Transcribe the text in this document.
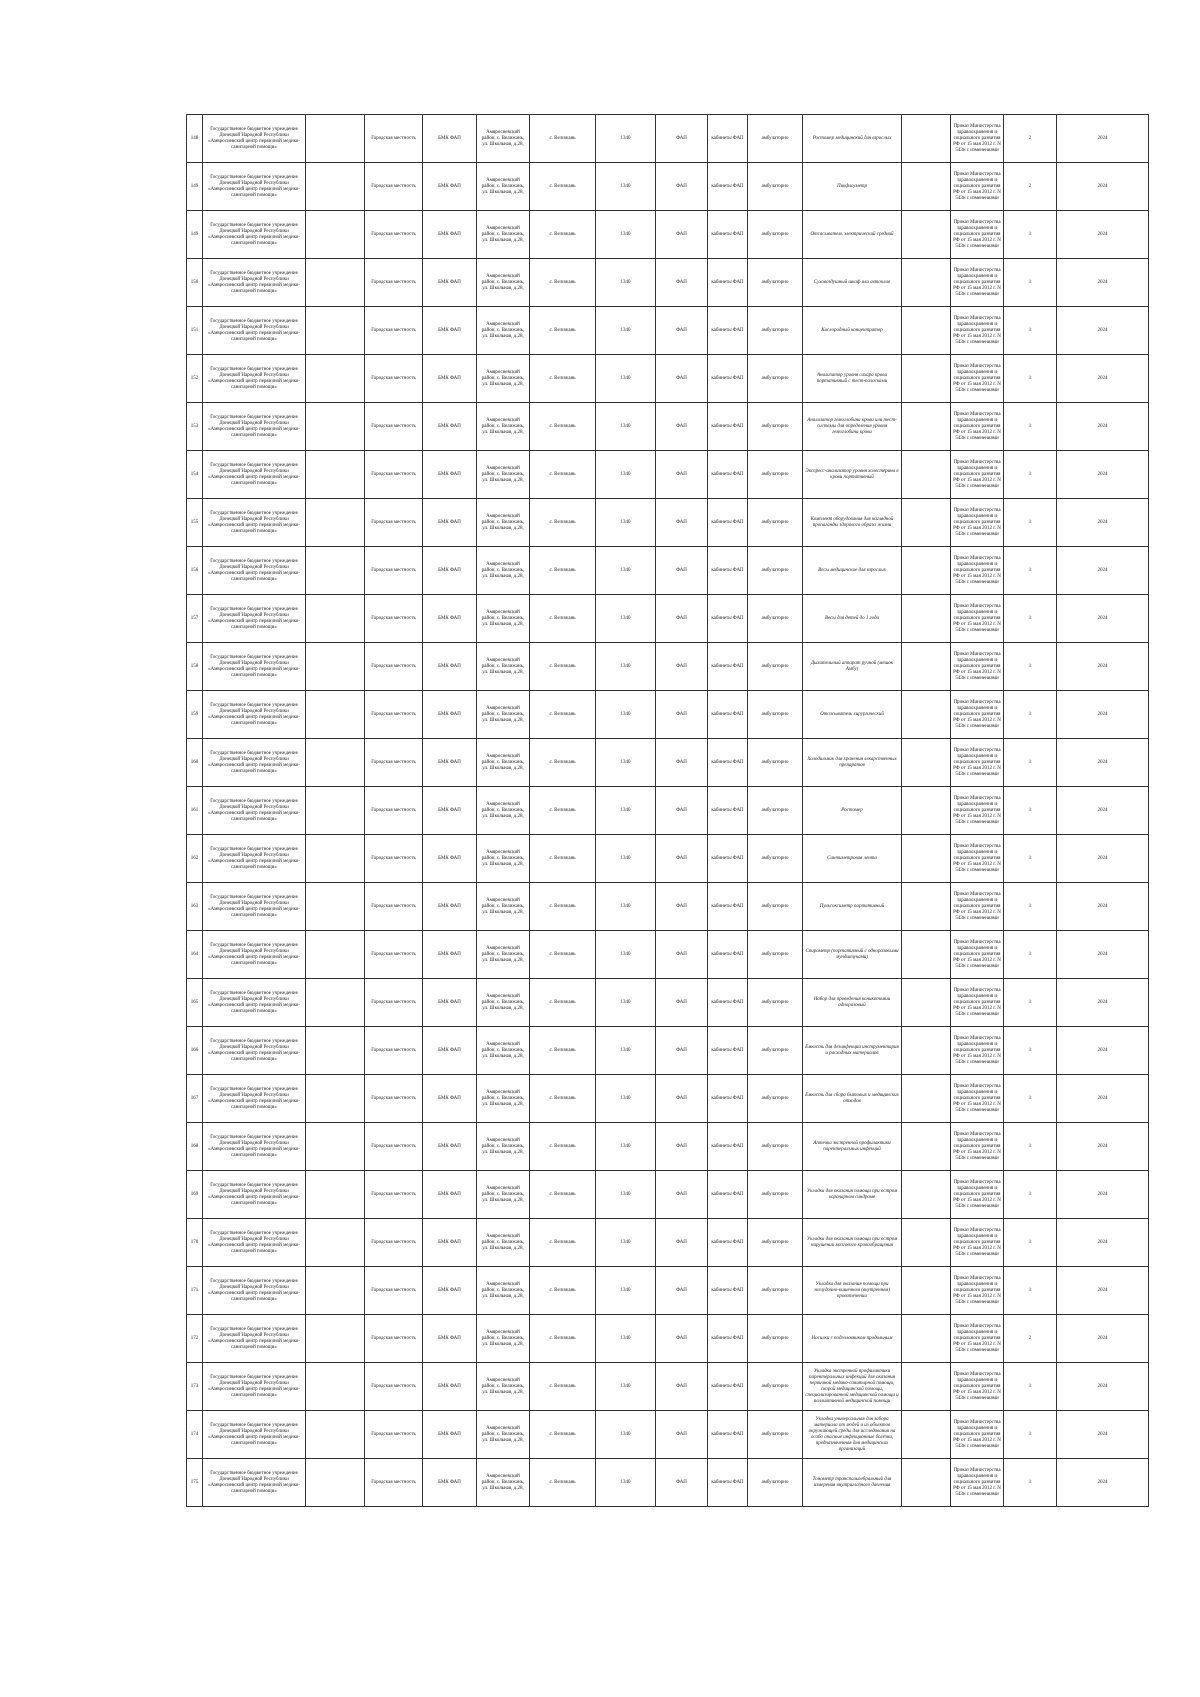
148	Государственное бюджетное учреждение Донецкой Народной Республики «Амвросиевский центр первичной медико-санитарной помощи»		Городская местность	БМК ФАП	Амвросиевский район, с. Велижань, ул. Школьная, д.28,	с. Велижань	1340	ФАП	кабинеты ФАП	амбулаторно	Ростомер медицинский для взрослых		Приказ Министерства здравоохранения и социального развития РФ от 15 мая 2012 г. N 543н с изменениями	2	2024
149	Государственное бюджетное учреждение Донецкой Народной Республики «Амвросиевский центр первичной медико-санитарной помощи»		Городская местность	БМК ФАП	Амвросиевский район, с. Велижань, ул. Школьная, д.28,	с. Велижань	1340	ФАП	кабинеты ФАП	амбулаторно	Пикфлоуметр		Приказ Министерства здравоохранения и социального развития РФ от 15 мая 2012 г. N 543н с изменениями	2	2024
149	Государственное бюджетное учреждение Донецкой Народной Республики «Амвросиевский центр первичной медико-санитарной помощи»		Городская местность	БМК ФАП	Амвросиевский район, с. Велижань, ул. Школьная, д.28,	с. Велижань	1340	ФАП	кабинеты ФАП	амбулаторно	Отсасыватель электрический средний		Приказ Министерства здравоохранения и социального развития РФ от 15 мая 2012 г. N 543н с изменениями	1	2024
150	Государственное бюджетное учреждение Донецкой Народной Республики «Амвросиевский центр первичной медико-санитарной помощи»		Городская местность	БМК ФАП	Амвросиевский район, с. Велижань, ул. Школьная, д.28,	с. Велижань	1340	ФАП	кабинеты ФАП	амбулаторно	Суховоздушный шкаф или автоклав		Приказ Министерства здравоохранения и социального развития РФ от 15 мая 2012 г. N 543н с изменениями	1	2024
151	Государственное бюджетное учреждение Донецкой Народной Республики «Амвросиевский центр первичной медико-санитарной помощи»		Городская местность	БМК ФАП	Амвросиевский район, с. Велижань, ул. Школьная, д.28,	с. Велижань	1340	ФАП	кабинеты ФАП	амбулаторно	Кислородный концентратор		Приказ Министерства здравоохранения и социального развития РФ от 15 мая 2012 г. N 543н с изменениями	1	2024
152	Государственное бюджетное учреждение Донецкой Народной Республики «Амвросиевский центр первичной медико-санитарной помощи»		Городская местность	БМК ФАП	Амвросиевский район, с. Велижань, ул. Школьная, д.28,	с. Велижань	1340	ФАП	кабинеты ФАП	амбулаторно	Анализатор уровня сахара крови портативный с тест-полосками		Приказ Министерства здравоохранения и социального развития РФ от 15 мая 2012 г. N 543н с изменениями	1	2024
153	Государственное бюджетное учреждение Донецкой Народной Республики «Амвросиевский центр первичной медико-санитарной помощи»		Городская местность	БМК ФАП	Амвросиевский район, с. Велижань, ул. Школьная, д.28,	с. Велижань	1340	ФАП	кабинеты ФАП	амбулаторно	Анализатор гемоглобина крови или тест-системы для определения уровня гемоглобина крови		Приказ Министерства здравоохранения и социального развития РФ от 15 мая 2012 г. N 543н с изменениями	1	2024
154	Государственное бюджетное учреждение Донецкой Народной Республики «Амвросиевский центр первичной медико-санитарной помощи»		Городская местность	БМК ФАП	Амвросиевский район, с. Велижань, ул. Школьная, д.28,	с. Велижань	1340	ФАП	кабинеты ФАП	амбулаторно	Экспресс-анализатор уровня холестерина в крови портативный		Приказ Министерства здравоохранения и социального развития РФ от 15 мая 2012 г. N 543н с изменениями	1	2024
155	Государственное бюджетное учреждение Донецкой Народной Республики «Амвросиевский центр первичной медико-санитарной помощи»		Городская местность	БМК ФАП	Амвросиевский район, с. Велижань, ул. Школьная, д.28,	с. Велижань	1340	ФАП	кабинеты ФАП	амбулаторно	Комплект оборудования для наглядной пропаганды здорового образа жизни		Приказ Министерства здравоохранения и социального развития РФ от 15 мая 2012 г. N 543н с изменениями	1	2024
156	Государственное бюджетное учреждение Донецкой Народной Республики «Амвросиевский центр первичной медико-санитарной помощи»		Городская местность	БМК ФАП	Амвросиевский район, с. Велижань, ул. Школьная, д.28,	с. Велижань	1340	ФАП	кабинеты ФАП	амбулаторно	Весы медицинские для взрослых		Приказ Министерства здравоохранения и социального развития РФ от 15 мая 2012 г. N 543н с изменениями	1	2024
157	Государственное бюджетное учреждение Донецкой Народной Республики «Амвросиевский центр первичной медико-санитарной помощи»		Городская местность	БМК ФАП	Амвросиевский район, с. Велижань, ул. Школьная, д.28,	с. Велижань	1340	ФАП	кабинеты ФАП	амбулаторно	Весы для детей до 1 года		Приказ Министерства здравоохранения и социального развития РФ от 15 мая 2012 г. N 543н с изменениями	1	2024
158	Государственное бюджетное учреждение Донецкой Народной Республики «Амвросиевский центр первичной медико-санитарной помощи»		Городская местность	БМК ФАП	Амвросиевский район, с. Велижань, ул. Школьная, д.28,	с. Велижань	1340	ФАП	кабинеты ФАП	амбулаторно	Дыхательный аппарат ручной (мешок Амбу)		Приказ Министерства здравоохранения и социального развития РФ от 15 мая 2012 г. N 543н с изменениями	1	2024
159	Государственное бюджетное учреждение Донецкой Народной Республики «Амвросиевский центр первичной медико-санитарной помощи»		Городская местность	БМК ФАП	Амвросиевский район, с. Велижань, ул. Школьная, д.28,	с. Велижань	1340	ФАП	кабинеты ФАП	амбулаторно	Отсасыватель хирургический		Приказ Министерства здравоохранения и социального развития РФ от 15 мая 2012 г. N 543н с изменениями	1	2024
160	Государственное бюджетное учреждение Донецкой Народной Республики «Амвросиевский центр первичной медико-санитарной помощи»		Городская местность	БМК ФАП	Амвросиевский район, с. Велижань, ул. Школьная, д.28,	с. Велижань	1340	ФАП	кабинеты ФАП	амбулаторно	Холодильник для хранения лекарственных препаратов		Приказ Министерства здравоохранения и социального развития РФ от 15 мая 2012 г. N 543н с изменениями	1	2024
161	Государственное бюджетное учреждение Донецкой Народной Республики «Амвросиевский центр первичной медико-санитарной помощи»		Городская местность	БМК ФАП	Амвросиевский район, с. Велижань, ул. Школьная, д.28,	с. Велижань	1340	ФАП	кабинеты ФАП	амбулаторно	Ростомер		Приказ Министерства здравоохранения и социального развития РФ от 15 мая 2012 г. N 543н с изменениями	1	2024
162	Государственное бюджетное учреждение Донецкой Народной Республики «Амвросиевский центр первичной медико-санитарной помощи»		Городская местность	БМК ФАП	Амвросиевский район, с. Велижань, ул. Школьная, д.28,	с. Велижань	1340	ФАП	кабинеты ФАП	амбулаторно	Сантиметровая лента		Приказ Министерства здравоохранения и социального развития РФ от 15 мая 2012 г. N 543н с изменениями	1	2024
163	Государственное бюджетное учреждение Донецкой Народной Республики «Амвросиевский центр первичной медико-санитарной помощи»		Городская местность	БМК ФАП	Амвросиевский район, с. Велижань, ул. Школьная, д.28,	с. Велижань	1340	ФАП	кабинеты ФАП	амбулаторно	Пульсоксиметр портативный		Приказ Министерства здравоохранения и социального развития РФ от 15 мая 2012 г. N 543н с изменениями	1	2024
164	Государственное бюджетное учреждение Донецкой Народной Республики «Амвросиевский центр первичной медико-санитарной помощи»		Городская местность	БМК ФАП	Амвросиевский район, с. Велижань, ул. Школьная, д.28,	с. Велижань	1340	ФАП	кабинеты ФАП	амбулаторно	Спирометр (портативный с одноразовыми мундштуками)		Приказ Министерства здравоохранения и социального развития РФ от 15 мая 2012 г. N 543н с изменениями	1	2024
165	Государственное бюджетное учреждение Донецкой Народной Республики «Амвросиевский центр первичной медико-санитарной помощи»		Городская местность	БМК ФАП	Амвросиевский район, с. Велижань, ул. Школьная, д.28,	с. Велижань	1340	ФАП	кабинеты ФАП	амбулаторно	Набор для проведения коникотомии одноразовый		Приказ Министерства здравоохранения и социального развития РФ от 15 мая 2012 г. N 543н с изменениями	1	2024
166	Государственное бюджетное учреждение Донецкой Народной Республики «Амвросиевский центр первичной медико-санитарной помощи»		Городская местность	БМК ФАП	Амвросиевский район, с. Велижань, ул. Школьная, д.28,	с. Велижань	1340	ФАП	кабинеты ФАП	амбулаторно	Емкость для дезинфекции инструментария и расходных материалов		Приказ Министерства здравоохранения и социального развития РФ от 15 мая 2012 г. N 543н с изменениями	1	2024
167	Государственное бюджетное учреждение Донецкой Народной Республики «Амвросиевский центр первичной медико-санитарной помощи»		Городская местность	БМК ФАП	Амвросиевский район, с. Велижань, ул. Школьная, д.28,	с. Велижань	1340	ФАП	кабинеты ФАП	амбулаторно	Емкость для сбора бытовых и медицинских отходов		Приказ Министерства здравоохранения и социального развития РФ от 15 мая 2012 г. N 543н с изменениями	1	2024
168	Государственное бюджетное учреждение Донецкой Народной Республики «Амвросиевский центр первичной медико-санитарной помощи»		Городская местность	БМК ФАП	Амвросиевский район, с. Велижань, ул. Школьная, д.28,	с. Велижань	1340	ФАП	кабинеты ФАП	амбулаторно	Аптечка экстренной профилактики парентеральных инфекций		Приказ Министерства здравоохранения и социального развития РФ от 15 мая 2012 г. N 543н с изменениями	1	2024
169	Государственное бюджетное учреждение Донецкой Народной Республики «Амвросиевский центр первичной медико-санитарной помощи»		Городская местность	БМК ФАП	Амвросиевский район, с. Велижань, ул. Школьная, д.28,	с. Велижань	1340	ФАП	кабинеты ФАП	амбулаторно	Укладка для оказания помощи при остром коронарном синдроме		Приказ Министерства здравоохранения и социального развития РФ от 15 мая 2012 г. N 543н с изменениями	1	2024
170	Государственное бюджетное учреждение Донецкой Народной Республики «Амвросиевский центр первичной медико-санитарной помощи»		Городская местность	БМК ФАП	Амвросиевский район, с. Велижань, ул. Школьная, д.28,	с. Велижань	1340	ФАП	кабинеты ФАП	амбулаторно	Укладка для оказания помощи при остром нарушении мозгового кровообращения		Приказ Министерства здравоохранения и социального развития РФ от 15 мая 2012 г. N 543н с изменениями	1	2024
171	Государственное бюджетное учреждение Донецкой Народной Республики «Амвросиевский центр первичной медико-санитарной помощи»		Городская местность	БМК ФАП	Амвросиевский район, с. Велижань, ул. Школьная, д.28,	с. Велижань	1340	ФАП	кабинеты ФАП	амбулаторно	Укладка для оказания помощи при желудочно-кишечном (внутреннем) кровотечении		Приказ Министерства здравоохранения и социального развития РФ от 15 мая 2012 г. N 543н с изменениями	1	2024
172	Государственное бюджетное учреждение Донецкой Народной Республики «Амвросиевский центр первичной медико-санитарной помощи»		Городская местность	БМК ФАП	Амвросиевский район, с. Велижань, ул. Школьная, д.28,	с. Велижань	1340	ФАП	кабинеты ФАП	амбулаторно	Носилки с подголовником продольным		Приказ Министерства здравоохранения и социального развития РФ от 15 мая 2012 г. N 543н с изменениями	2	2024
173	Государственное бюджетное учреждение Донецкой Народной Республики «Амвросиевский центр первичной медико-санитарной помощи»		Городская местность	БМК ФАП	Амвросиевский район, с. Велижань, ул. Школьная, д.28,	с. Велижань	1340	ФАП	кабинеты ФАП	амбулаторно	Укладка экстренной профилактики парентеральных инфекций для оказания первичной медико-санитарной помощи, скорой медицинской помощи, специализированной медицинской помощи и паллиативной медицинской помощи		Приказ Министерства здравоохранения и социального развития РФ от 15 мая 2012 г. N 543н с изменениями	1	2024
174	Государственное бюджетное учреждение Донецкой Народной Республики «Амвросиевский центр первичной медико-санитарной помощи»		Городская местность	БМК ФАП	Амвросиевский район, с. Велижань, ул. Школьная, д.28,	с. Велижань	1340	ФАП	кабинеты ФАП	амбулаторно	Укладка универсальная для забора материала от людей и из объектов окружающей среды для исследования на особо опасные инфекционные болезни, предназначенная для медицинских организаций		Приказ Министерства здравоохранения и социального развития РФ от 15 мая 2012 г. N 543н с изменениями	1	2024
175	Государственное бюджетное учреждение Донецкой Народной Республики «Амвросиевский центр первичной медико-санитарной помощи»		Городская местность	БМК ФАП	Амвросиевский район, с. Велижань, ул. Школьная, д.28,	с. Велижань	1340	ФАП	кабинеты ФАП	амбулаторно	Тонометр транспальпебральный для измерения внутриглазного давления		Приказ Министерства здравоохранения и социального развития РФ от 15 мая 2012 г. N 543н с изменениями	1	2024
